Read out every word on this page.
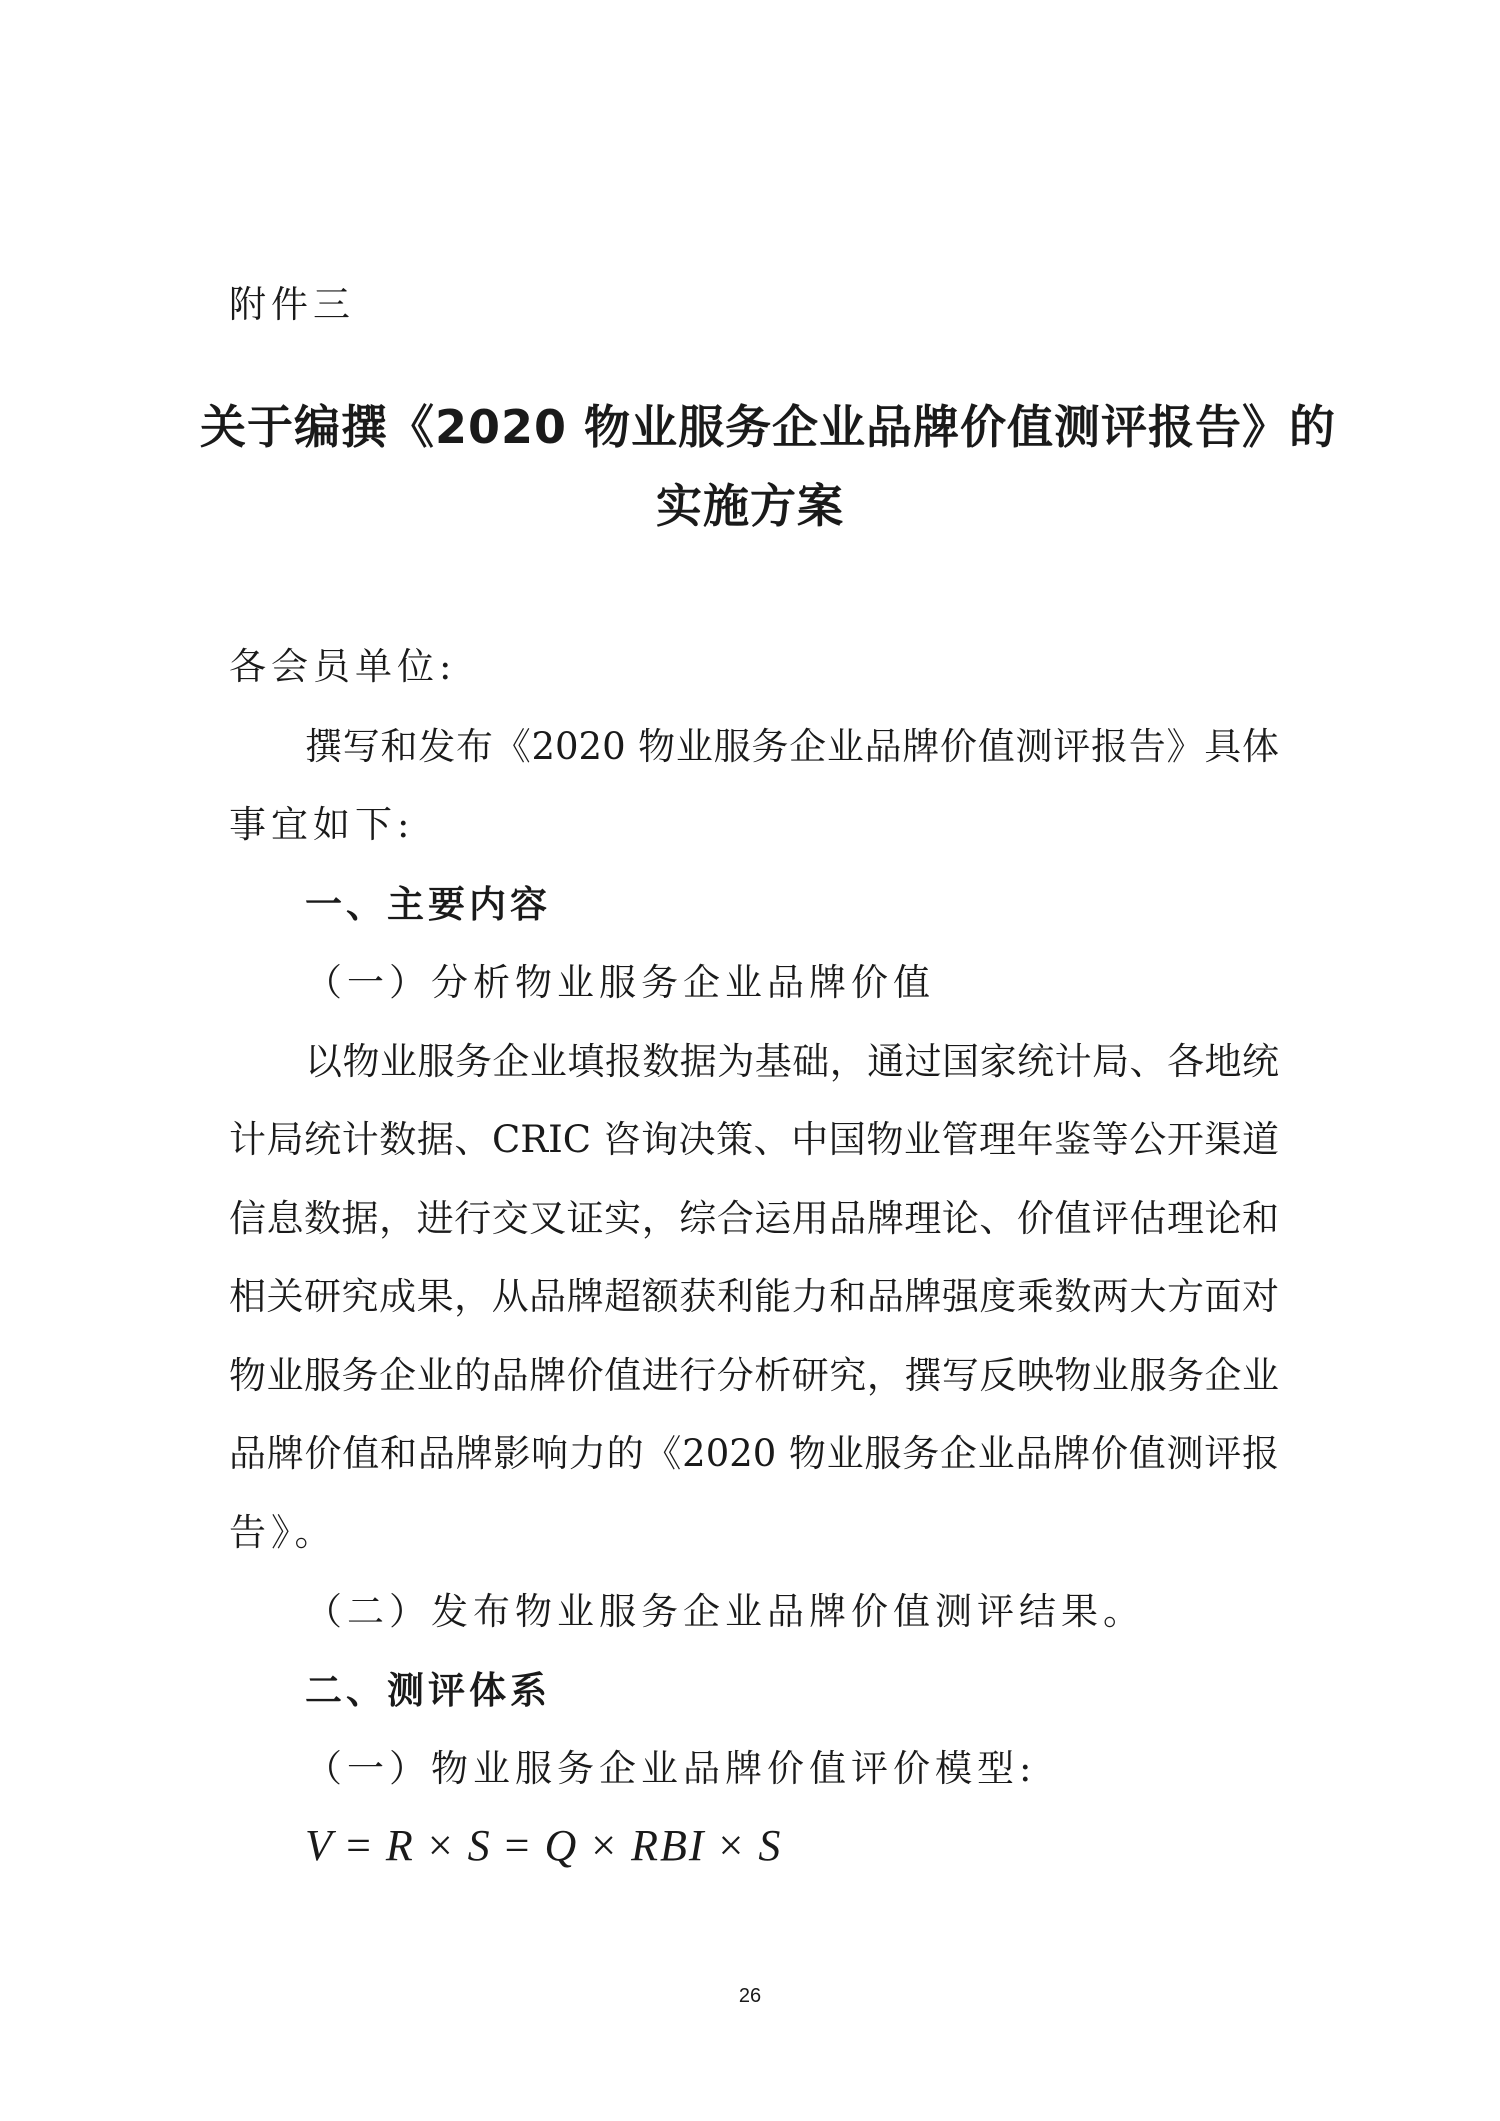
附件三
关于编撰《2020 物业服务企业品牌价值测评报告》的
实施方案
各会员单位:
撰写和发布《2020 物业服务企业品牌价值测评报告》具体
事宜如下:
一、主要内容
（一）分析物业服务企业品牌价值
以物业服务企业填报数据为基础，通过国家统计局、各地统
计局统计数据、CRIC 咨询决策、中国物业管理年鉴等公开渠道
信息数据，进行交叉证实，综合运用品牌理论、价值评估理论和
相关研究成果，从品牌超额获利能力和品牌强度乘数两大方面对
物业服务企业的品牌价值进行分析研究，撰写反映物业服务企业
品牌价值和品牌影响力的《2020 物业服务企业品牌价值测评报
告》。
（二）发布物业服务企业品牌价值测评结果。
二、测评体系
（一）物业服务企业品牌价值评价模型:
V = R × S = Q × RBI × S
26
